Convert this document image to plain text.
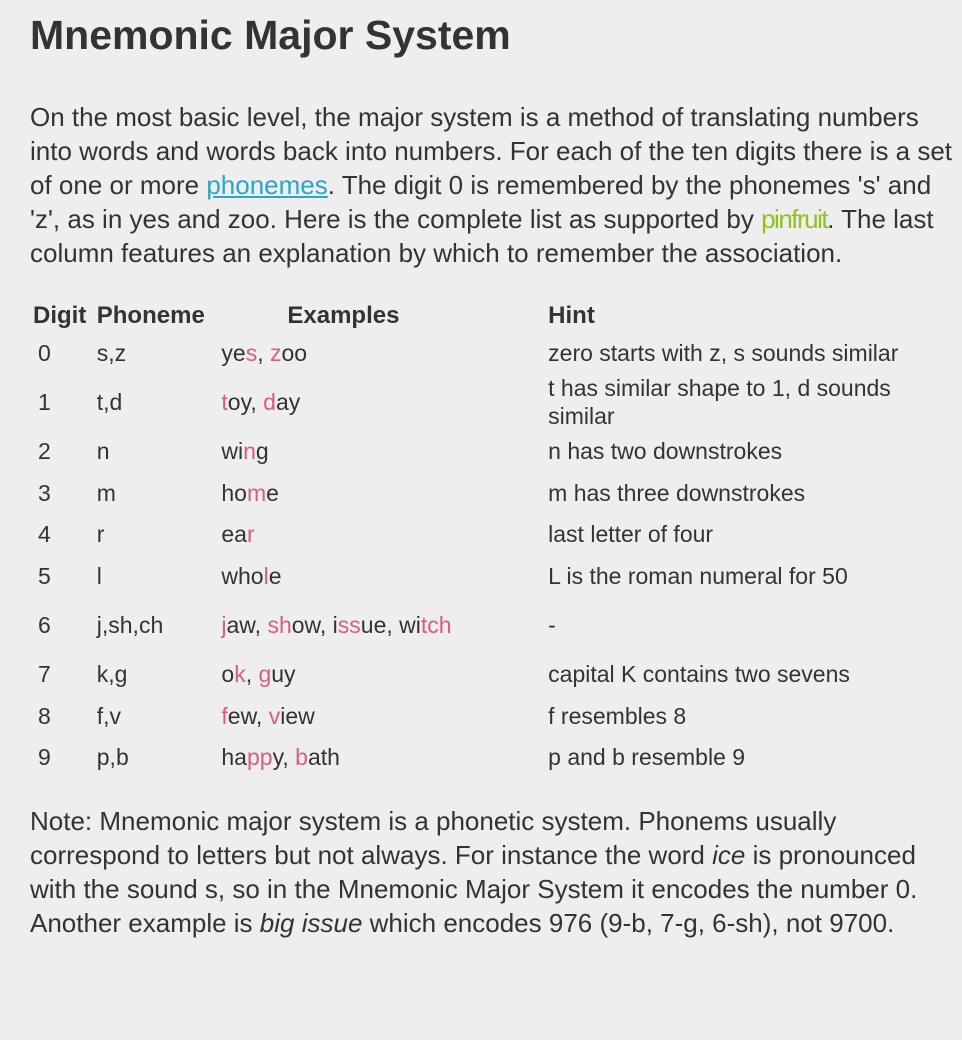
Mnemonic Major System

On the most basic level, the major system is a method of translating numbers into words and words back into numbers. For each of the ten digits there is a set of one or more phonemes. The digit 0 is remembered by the phonemes 's' and 'z', as in yes and zoo. Here is the complete list as supported by pinfruit. The last column features an explanation by which to remember the association.

Digit	Phoneme	Examples	Hint
0	s,z	yes, zoo	zero starts with z, s sounds similar
1	t,d	toy, day	t has similar shape to 1, d sounds similar
2	n	wing	n has two downstrokes
3	m	home	m has three downstrokes
4	r	ear	last letter of four
5	l	whole	L is the roman numeral for 50
6	j,sh,ch	jaw, show, issue, witch	-
7	k,g	ok, guy	capital K contains two sevens
8	f,v	few, view	f resembles 8
9	p,b	happy, bath	p and b resemble 9

Note: Mnemonic major system is a phonetic system. Phonems usually correspond to letters but not always. For instance the word ice is pronounced with the sound s, so in the Mnemonic Major System it encodes the number 0. Another example is big issue which encodes 976 (9-b, 7-g, 6-sh), not 9700.
